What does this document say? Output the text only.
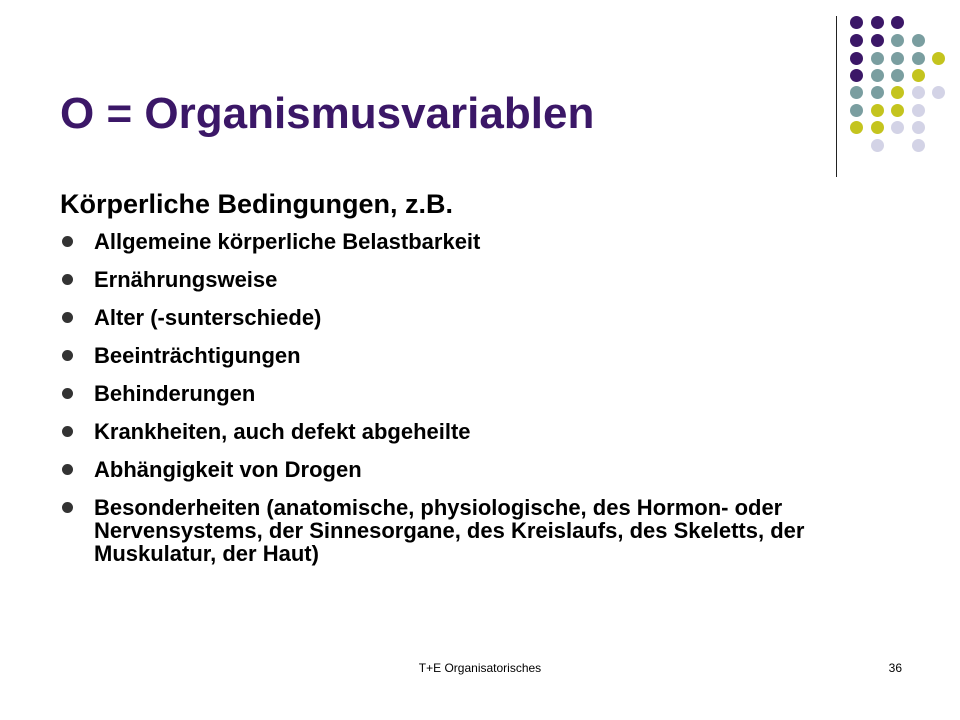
O = Organismusvariablen

Körperliche Bedingungen, z.B.

Allgemeine körperliche Belastbarkeit
Ernährungsweise
Alter (-sunterschiede)
Beeinträchtigungen
Behinderungen
Krankheiten, auch defekt abgeheilte
Abhängigkeit von Drogen
Besonderheiten (anatomische, physiologische, des Hormon- oder Nervensystems, der Sinnesorgane, des Kreislaufs, des Skeletts, der Muskulatur, der Haut)
T+E Organisatorisches	36
